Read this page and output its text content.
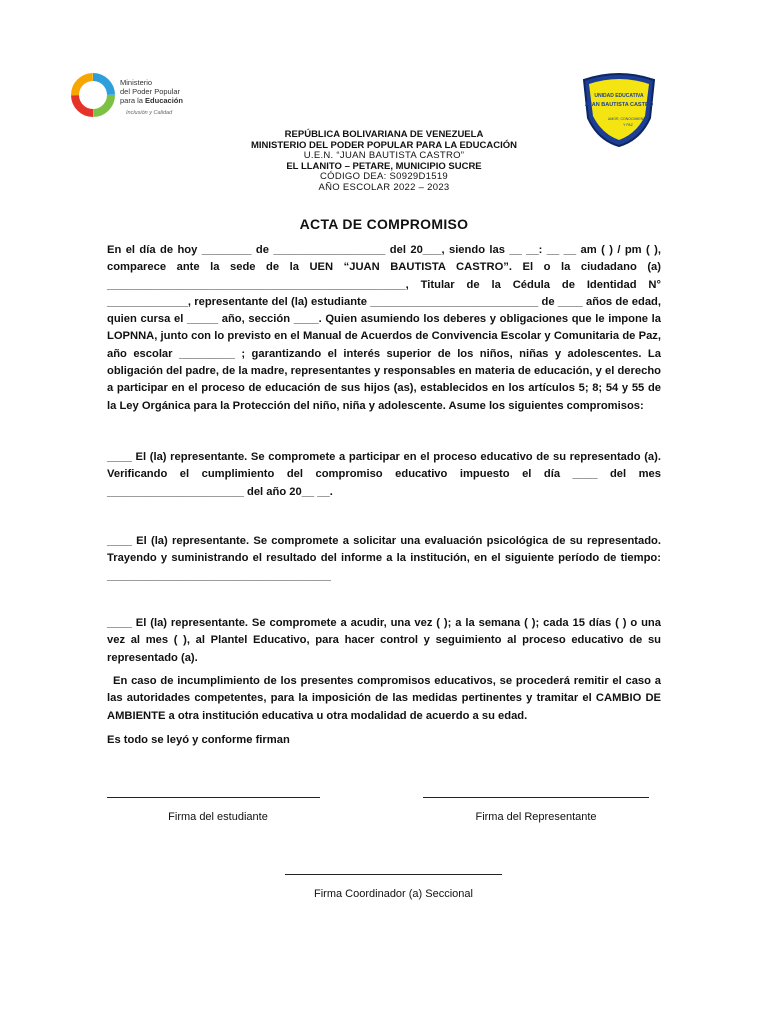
Ministerio
del Poder Popular
para la Educación
Inclusión y Calidad
UNIDAD EDUCATIVA
JUAN BAUTISTA CASTRO
AMOR, CONOCIMIENTO
Y PAZ
REPÚBLICA BOLIVARIANA DE VENEZUELA
MINISTERIO DEL PODER POPULAR PARA LA EDUCACIÓN
U.E.N. “JUAN BAUTISTA CASTRO”
EL LLANITO – PETARE, MUNICIPIO SUCRE
CÓDIGO DEA: S0929D1519
AÑO ESCOLAR 2022 – 2023
ACTA DE COMPROMISO

En el día de hoy ________ de __________________ del 20___, siendo las __ __: __ __ am ( ) / pm ( ), comparece ante la sede de la UEN “JUAN BAUTISTA CASTRO”. El o la ciudadano (a) ________________________________________________, Titular de la Cédula de Identidad N° _____________, representante del (la) estudiante ___________________________ de ____ años de edad, quien cursa el _____ año, sección ____. Quien asumiendo los deberes y obligaciones que le impone la LOPNNA, junto con lo previsto en el Manual de Acuerdos de Convivencia Escolar y Comunitaria de Paz, año escolar _________ ; garantizando el interés superior de los niños, niñas y adolescentes. La obligación del padre, de la madre, representantes y responsables en materia de educación, y el derecho a participar en el proceso de educación de sus hijos (as), establecidos en los artículos 5; 8; 54 y 55 de la Ley Orgánica para la Protección del niño, niña y adolescente. Asume los siguientes compromisos:

____ El (la) representante. Se compromete a participar en el proceso educativo de su representado (a). Verificando el cumplimiento del compromiso educativo impuesto el día ____ del mes ______________________ del año 20__ __.

____ El (la) representante. Se compromete a solicitar una evaluación psicológica de su representado. Trayendo y suministrando el resultado del informe a la institución, en el siguiente período de tiempo: ____________________________________

____ El (la) representante. Se compromete a acudir, una vez ( ); a la semana ( ); cada 15 días ( ) o una vez al mes ( ), al Plantel Educativo, para hacer control y seguimiento al proceso educativo de su representado (a).

En caso de incumplimiento de los presentes compromisos educativos, se procederá remitir el caso a las autoridades competentes, para la imposición de las medidas pertinentes y tramitar el CAMBIO DE AMBIENTE a otra institución educativa u otra modalidad de acuerdo a su edad.

Es todo se leyó y conforme firman

Firma del estudiante	Firma del Representante
Firma Coordinador (a) Seccional
